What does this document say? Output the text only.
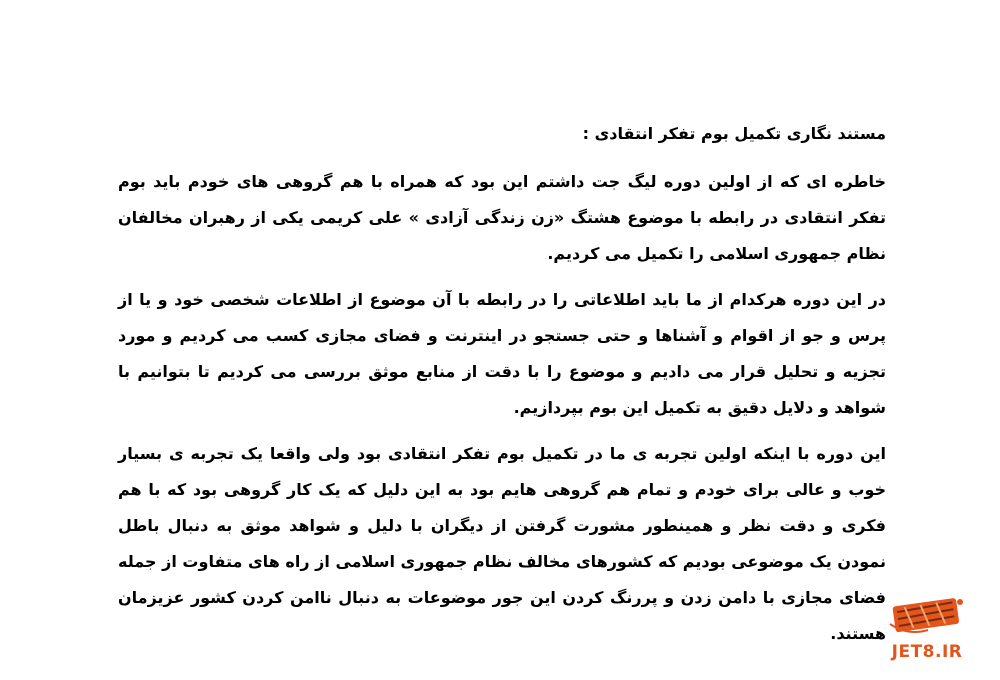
مستند نگاری تکمیل بوم تفکر انتقادی :

خاطره ای که از اولین دوره لیگ جت داشتم این بود که همراه با هم گروهی های خودم باید بوم تفکر انتقادی در رابطه با موضوع هشتگ «زن زندگی آزادی » علی کریمی یکی از رهبران مخالفان نظام جمهوری اسلامی را تکمیل می کردیم.

در این دوره هرکدام از ما باید اطلاعاتی را در رابطه با آن موضوع از اطلاعات شخصی خود و یا از پرس و جو از اقوام و آشناها و حتی جستجو در اینترنت و فضای مجازی کسب می کردیم و مورد تجزیه و تحلیل قرار می دادیم و موضوع را با دقت از منابع موثق بررسی می کردیم تا بتوانیم با شواهد و دلایل دقیق به تکمیل این بوم بپردازیم.

این دوره با اینکه اولین تجربه ی ما در تکمیل بوم تفکر انتقادی بود ولی واقعا یک تجربه ی بسیار خوب و عالی برای خودم و تمام هم گروهی هایم بود به این دلیل که یک کار گروهی بود که با هم فکری و دقت نظر و همینطور مشورت گرفتن از دیگران با دلیل و شواهد موثق به دنبال باطل نمودن یک موضوعی بودیم که کشورهای مخالف نظام جمهوری اسلامی از راه های متفاوت از جمله فضای مجازی با دامن زدن و پررنگ کردن این جور موضوعات به دنبال ناامن کردن کشور عزیزمان هستند.

JET8.IR
